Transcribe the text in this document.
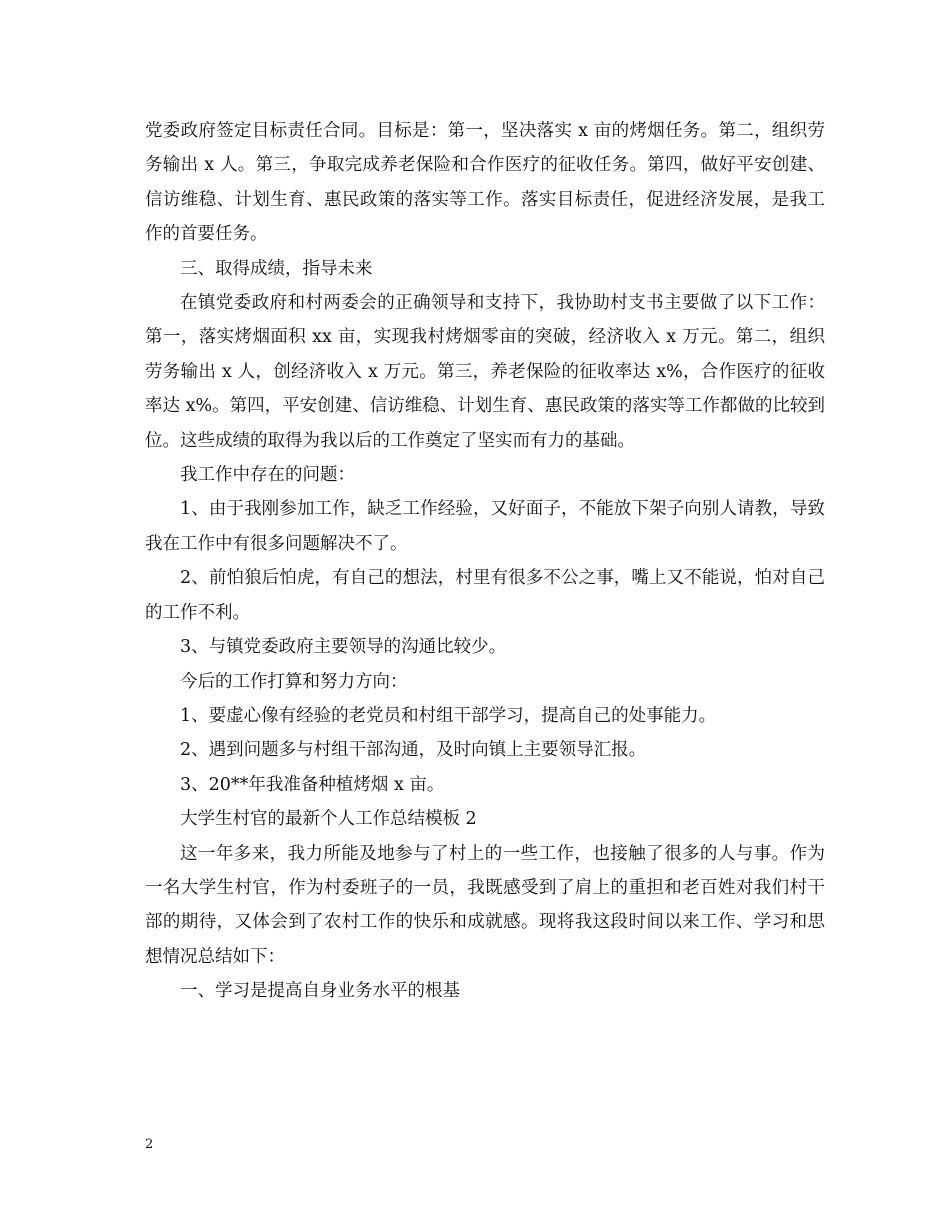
党委政府签定目标责任合同。目标是：第一，坚决落实 x 亩的烤烟任务。第二，组织劳务输出 x 人。第三，争取完成养老保险和合作医疗的征收任务。第四，做好平安创建、信访维稳、计划生育、惠民政策的落实等工作。落实目标责任，促进经济发展，是我工作的首要任务。

三、取得成绩，指导未来

在镇党委政府和村两委会的正确领导和支持下，我协助村支书主要做了以下工作：第一，落实烤烟面积 xx 亩，实现我村烤烟零亩的突破，经济收入 x 万元。第二，组织劳务输出 x 人，创经济收入 x 万元。第三，养老保险的征收率达 x%，合作医疗的征收率达 x%。第四，平安创建、信访维稳、计划生育、惠民政策的落实等工作都做的比较到位。这些成绩的取得为我以后的工作奠定了坚实而有力的基础。

我工作中存在的问题：

1、由于我刚参加工作，缺乏工作经验，又好面子，不能放下架子向别人请教，导致我在工作中有很多问题解决不了。

2、前怕狼后怕虎，有自己的想法，村里有很多不公之事，嘴上又不能说，怕对自己的工作不利。

3、与镇党委政府主要领导的沟通比较少。

今后的工作打算和努力方向：

1、要虚心像有经验的老党员和村组干部学习，提高自己的处事能力。

2、遇到问题多与村组干部沟通，及时向镇上主要领导汇报。

3、20**年我准备种植烤烟 x 亩。

大学生村官的最新个人工作总结模板 2

这一年多来，我力所能及地参与了村上的一些工作，也接触了很多的人与事。作为一名大学生村官，作为村委班子的一员，我既感受到了肩上的重担和老百姓对我们村干部的期待，又体会到了农村工作的快乐和成就感。现将我这段时间以来工作、学习和思想情况总结如下：

一、学习是提高自身业务水平的根基

2
